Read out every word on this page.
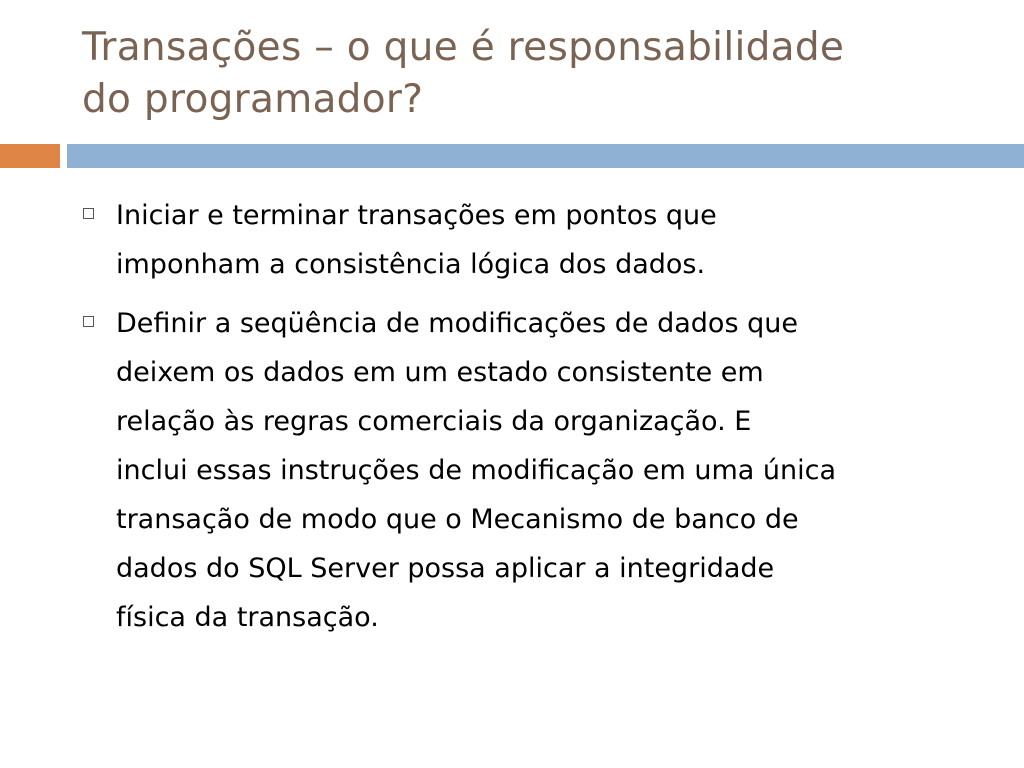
Transações – o que é responsabilidade
do programador?
Iniciar e terminar transações em pontos que
imponham a consistência lógica dos dados.
Definir a seqüência de modificações de dados que
deixem os dados em um estado consistente em
relação às regras comerciais da organização. E
inclui essas instruções de modificação em uma única
transação de modo que o Mecanismo de banco de
dados do SQL Server possa aplicar a integridade
física da transação.
